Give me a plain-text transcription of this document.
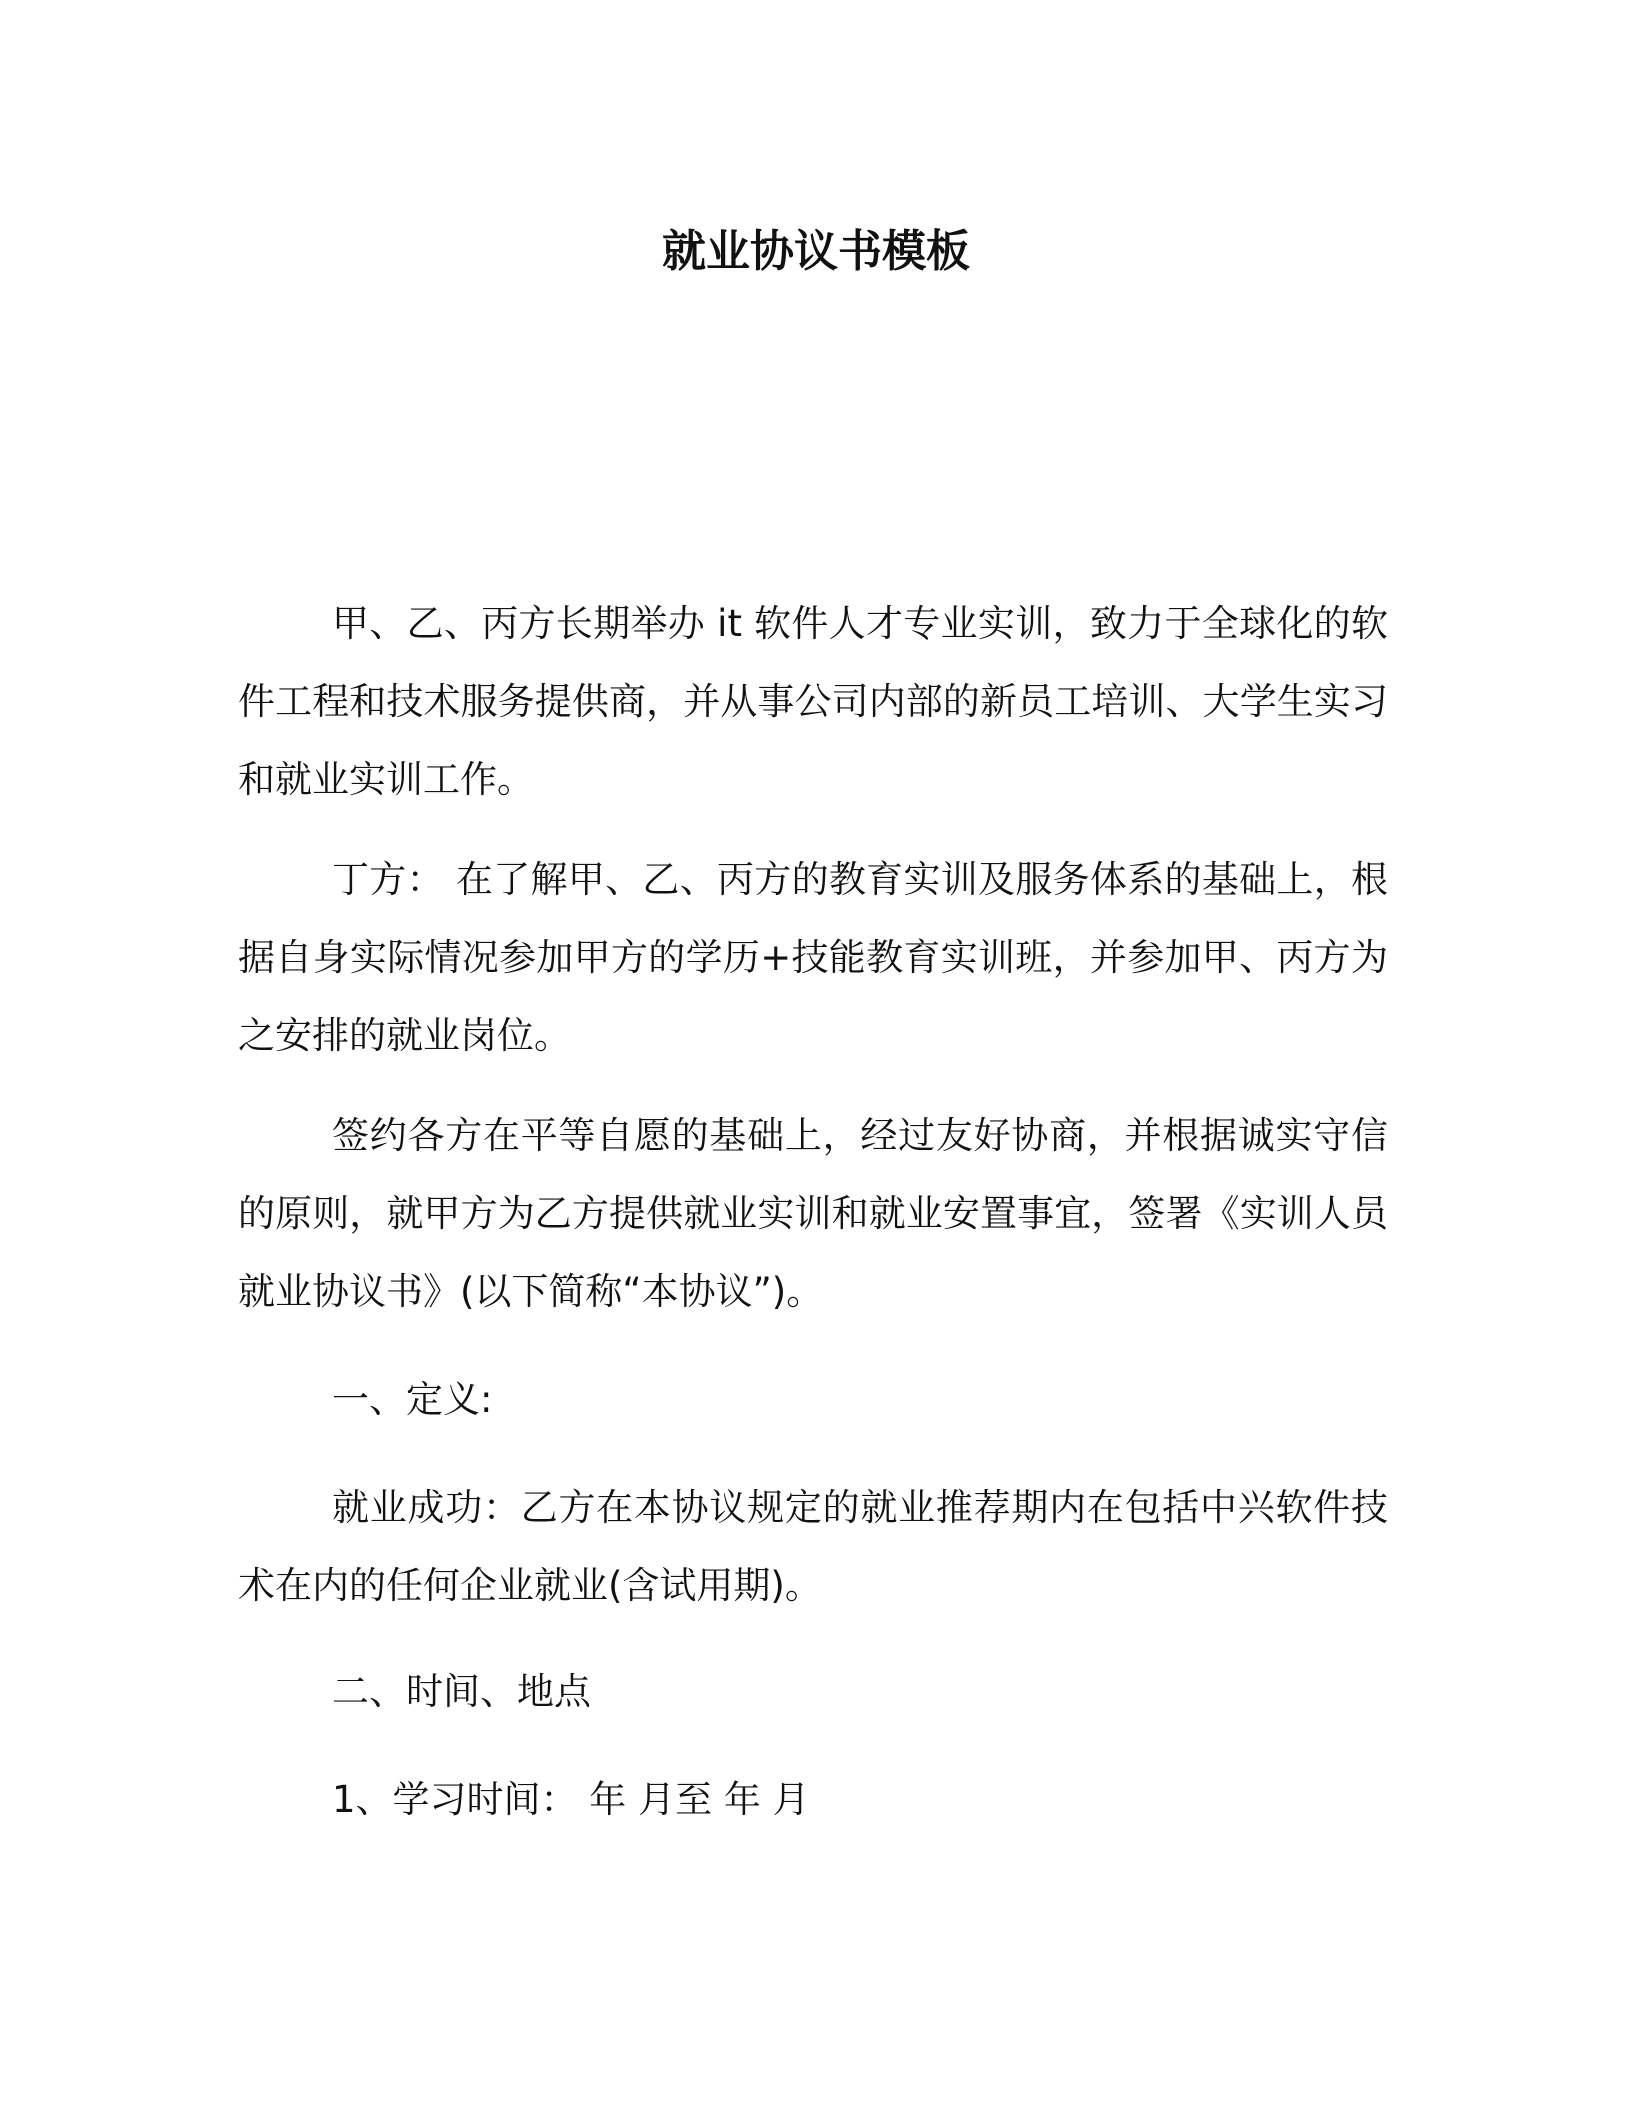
就业协议书模板

甲、乙、丙方长期举办 it 软件人才专业实训，致力于全球化的软件工程和技术服务提供商，并从事公司内部的新员工培训、大学生实习和就业实训工作。

丁方： 在了解甲、乙、丙方的教育实训及服务体系的基础上，根据自身实际情况参加甲方的学历+技能教育实训班，并参加甲、丙方为之安排的就业岗位。

签约各方在平等自愿的基础上，经过友好协商，并根据诚实守信的原则，就甲方为乙方提供就业实训和就业安置事宜，签署《实训人员就业协议书》(以下简称“本协议”)。

一、定义:

就业成功：乙方在本协议规定的就业推荐期内在包括中兴软件技术在内的任何企业就业(含试用期)。

二、时间、地点

1、学习时间： 年 月至 年 月
